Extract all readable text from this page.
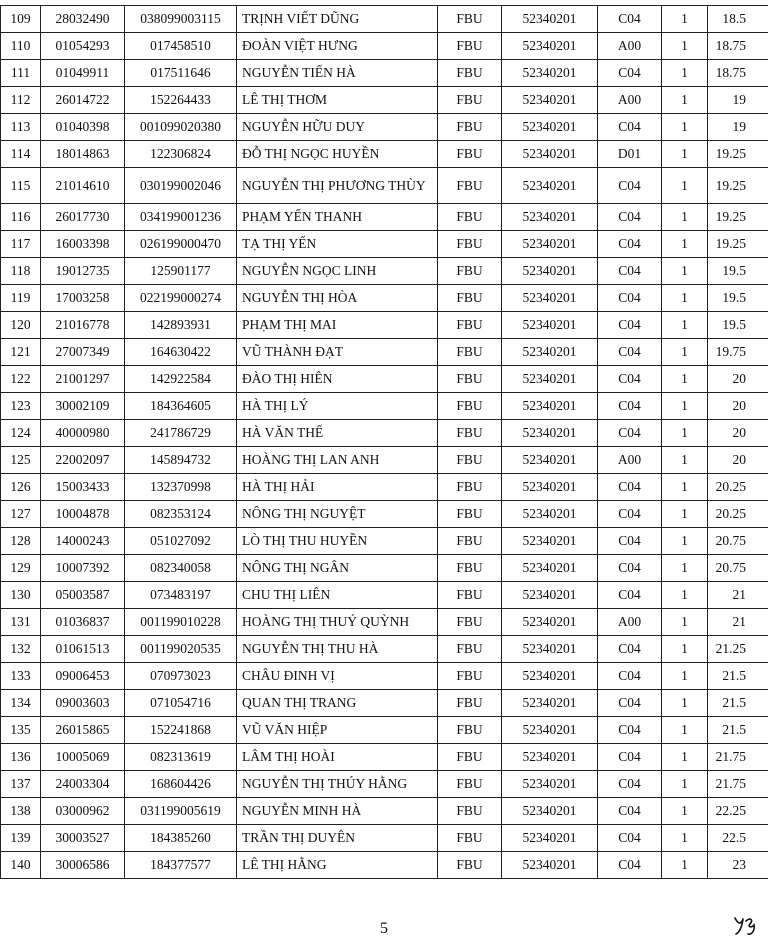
109	28032490	038099003115	TRỊNH VIẾT DŨNG	FBU	52340201	C04	1	18.5
110	01054293	017458510	ĐOÀN VIỆT HƯNG	FBU	52340201	A00	1	18.75
111	01049911	017511646	NGUYỄN TIẾN HÀ	FBU	52340201	C04	1	18.75
112	26014722	152264433	LÊ THỊ THƠM	FBU	52340201	A00	1	19
113	01040398	001099020380	NGUYỄN HỮU DUY	FBU	52340201	C04	1	19
114	18014863	122306824	ĐỖ THỊ NGỌC HUYỀN	FBU	52340201	D01	1	19.25
115	21014610	030199002046	NGUYỄN THỊ PHƯƠNG THÙY	FBU	52340201	C04	1	19.25
116	26017730	034199001236	PHẠM YẾN THANH	FBU	52340201	C04	1	19.25
117	16003398	026199000470	TẠ THỊ YẾN	FBU	52340201	C04	1	19.25
118	19012735	125901177	NGUYỄN NGỌC LINH	FBU	52340201	C04	1	19.5
119	17003258	022199000274	NGUYỄN THỊ HÒA	FBU	52340201	C04	1	19.5
120	21016778	142893931	PHẠM THỊ MAI	FBU	52340201	C04	1	19.5
121	27007349	164630422	VŨ THÀNH ĐẠT	FBU	52340201	C04	1	19.75
122	21001297	142922584	ĐÀO THỊ HIÊN	FBU	52340201	C04	1	20
123	30002109	184364605	HÀ THỊ LÝ	FBU	52340201	C04	1	20
124	40000980	241786729	HÀ VĂN THẾ	FBU	52340201	C04	1	20
125	22002097	145894732	HOÀNG THỊ LAN ANH	FBU	52340201	A00	1	20
126	15003433	132370998	HÀ THỊ HẢI	FBU	52340201	C04	1	20.25
127	10004878	082353124	NÔNG THỊ NGUYỆT	FBU	52340201	C04	1	20.25
128	14000243	051027092	LÒ THỊ THU HUYỀN	FBU	52340201	C04	1	20.75
129	10007392	082340058	NÔNG THỊ NGÂN	FBU	52340201	C04	1	20.75
130	05003587	073483197	CHU THỊ LIÊN	FBU	52340201	C04	1	21
131	01036837	001199010228	HOÀNG THỊ THUÝ QUỲNH	FBU	52340201	A00	1	21
132	01061513	001199020535	NGUYỄN THỊ THU HÀ	FBU	52340201	C04	1	21.25
133	09006453	070973023	CHÂU ĐINH VỊ	FBU	52340201	C04	1	21.5
134	09003603	071054716	QUAN THỊ TRANG	FBU	52340201	C04	1	21.5
135	26015865	152241868	VŨ VĂN HIỆP	FBU	52340201	C04	1	21.5
136	10005069	082313619	LÂM THỊ HOÀI	FBU	52340201	C04	1	21.75
137	24003304	168604426	NGUYỄN THỊ THÚY HẰNG	FBU	52340201	C04	1	21.75
138	03000962	031199005619	NGUYỄN MINH HÀ	FBU	52340201	C04	1	22.25
139	30003527	184385260	TRẦN THỊ DUYÊN	FBU	52340201	C04	1	22.5
140	30006586	184377577	LÊ THỊ HẰNG	FBU	52340201	C04	1	23
5
